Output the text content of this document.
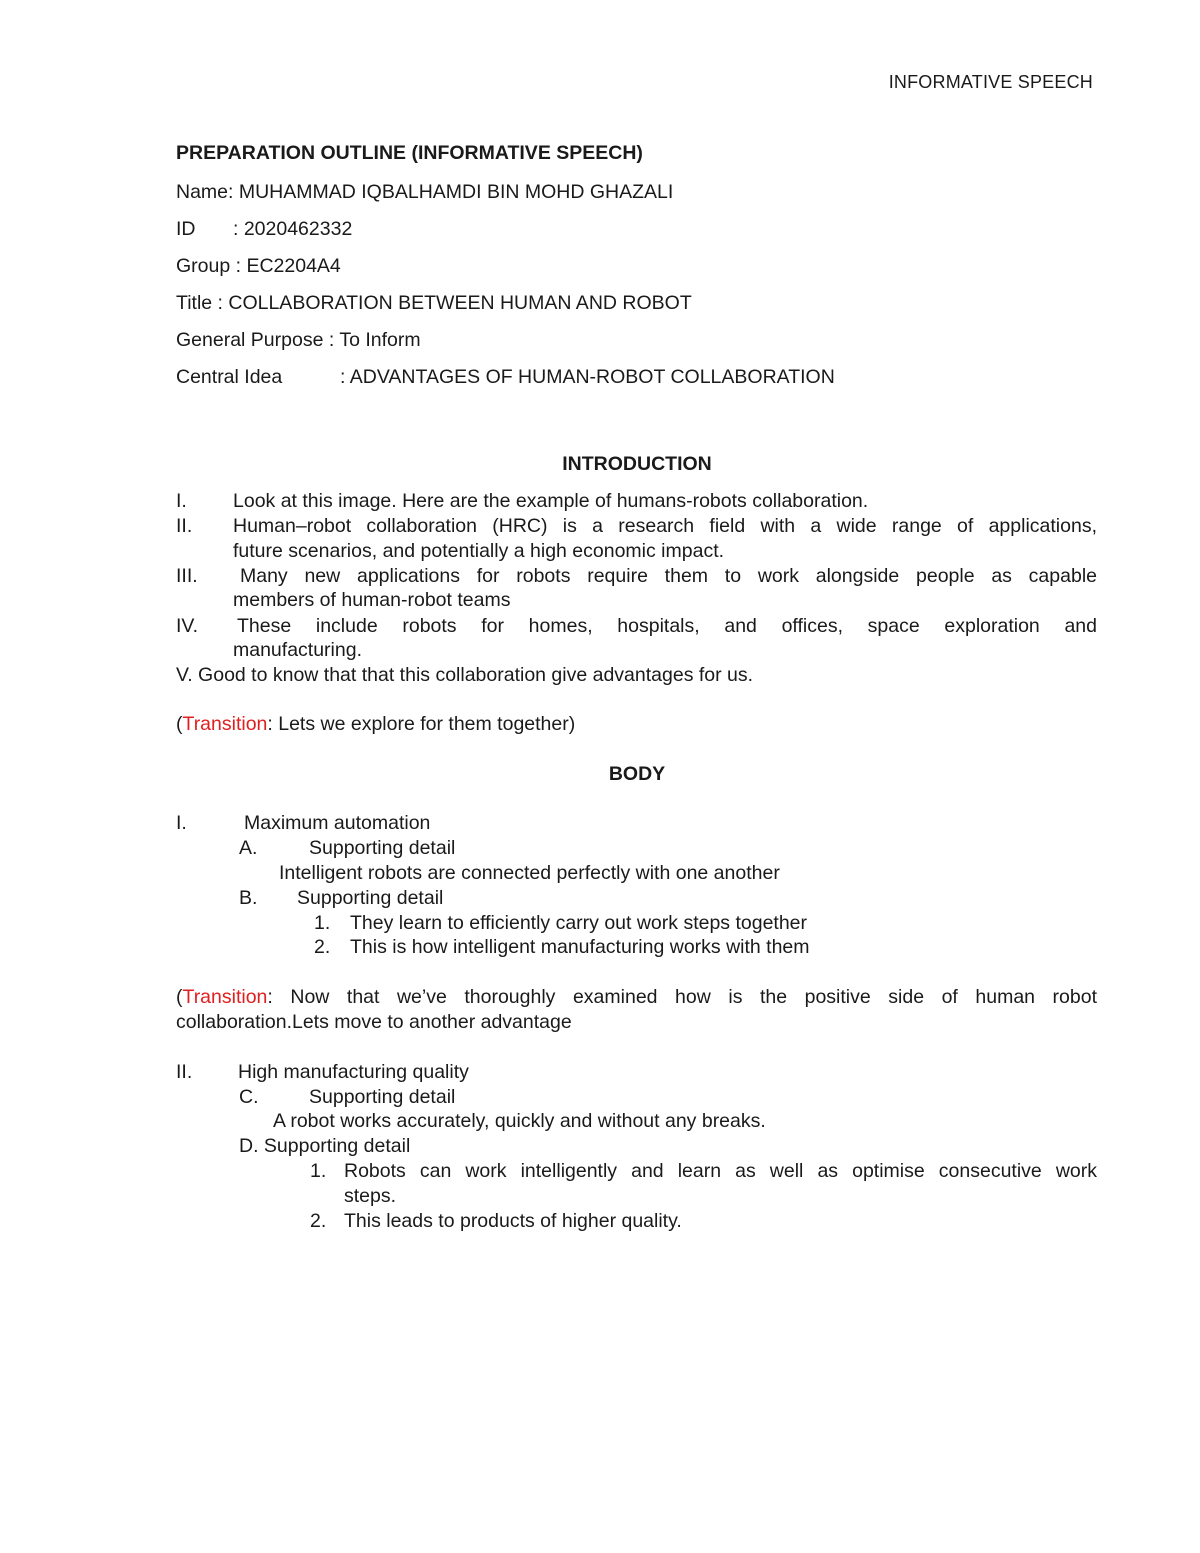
INFORMATIVE SPEECH
PREPARATION OUTLINE (INFORMATIVE SPEECH)
Name: MUHAMMAD IQBALHAMDI BIN MOHD GHAZALI
ID : 2020462332
Group : EC2204A4
Title : COLLABORATION BETWEEN HUMAN AND ROBOT
General Purpose : To Inform
Central Idea	: ADVANTAGES OF HUMAN-ROBOT COLLABORATION
INTRODUCTION
I. Look at this image. Here are the example of humans-robots collaboration.
II. Human–robot collaboration (HRC) is a research field with a wide range of applications,
future scenarios, and potentially a high economic impact.
III. Many new applications for robots require them to work alongside people as capable
members of human-robot teams
IV. These include robots for homes, hospitals, and offices, space exploration and
manufacturing.
V. Good to know that that this collaboration give advantages for us.
(Transition: Lets we explore for them together)
BODY
I.	Maximum automation
A.	Supporting detail
Intelligent robots are connected perfectly with one another
B. Supporting detail
1. They learn to efficiently carry out work steps together
2. This is how intelligent manufacturing works with them
(Transition: Now that we’ve thoroughly examined how is the positive side of human robot
collaboration.Lets move to another advantage
II. High manufacturing quality
C.	Supporting detail
A robot works accurately, quickly and without any breaks.
D. Supporting detail
1. Robots can work intelligently and learn as well as optimise consecutive work
steps.
2. This leads to products of higher quality.
